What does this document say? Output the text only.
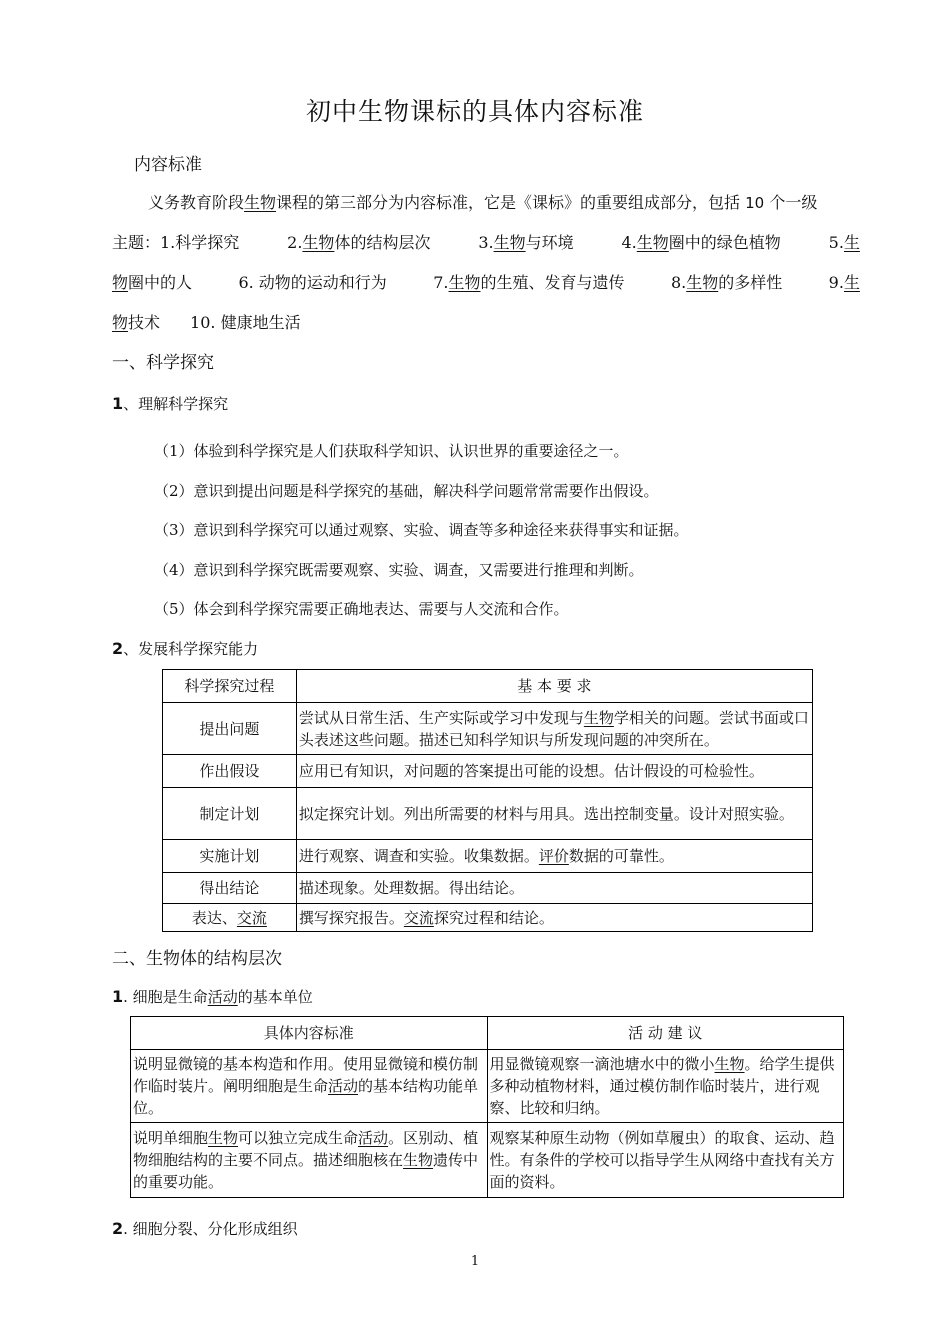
初中生物课标的具体内容标准
内容标准
义务教育阶段生物课程的第三部分为内容标准，它是《课标》的重要组成部分，包括 10 个一级
主题：1.科学探究	2.生物体的结构层次	3.生物与环境	4.生物圈中的绿色植物	5.生
物圈中的人	6. 动物的运动和行为	7.生物的生殖、发育与遗传	8.生物的多样性	9.生
物技术 10. 健康地生活
一、科学探究
1、理解科学探究
（1）体验到科学探究是人们获取科学知识、认识世界的重要途径之一。
（2）意识到提出问题是科学探究的基础，解决科学问题常常需要作出假设。
（3）意识到科学探究可以通过观察、实验、调查等多种途径来获得事实和证据。
（4）意识到科学探究既需要观察、实验、调查，又需要进行推理和判断。
（5）体会到科学探究需要正确地表达、需要与人交流和合作。
2、发展科学探究能力
科学探究过程	基 本 要 求
提出问题	尝试从日常生活、生产实际或学习中发现与生物学相关的问题。尝试书面或口头表述这些问题。描述已知科学知识与所发现问题的冲突所在。
作出假设	应用已有知识，对问题的答案提出可能的设想。估计假设的可检验性。
制定计划	拟定探究计划。列出所需要的材料与用具。选出控制变量。设计对照实验。
实施计划	进行观察、调查和实验。收集数据。评价数据的可靠性。
得出结论	描述现象。处理数据。得出结论。
表达、交流	撰写探究报告。交流探究过程和结论。
二、生物体的结构层次
1. 细胞是生命活动的基本单位
具体内容标准	活 动 建 议
说明显微镜的基本构造和作用。使用显微镜和模仿制作临时装片。阐明细胞是生命活动的基本结构功能单位。	用显微镜观察一滴池塘水中的微小生物。给学生提供多种动植物材料，通过模仿制作临时装片，进行观察、比较和归纳。
说明单细胞生物可以独立完成生命活动。区别动、植物细胞结构的主要不同点。描述细胞核在生物遗传中的重要功能。	观察某种原生动物（例如草履虫）的取食、运动、趋性。有条件的学校可以指导学生从网络中查找有关方面的资料。
2. 细胞分裂、分化形成组织
1
